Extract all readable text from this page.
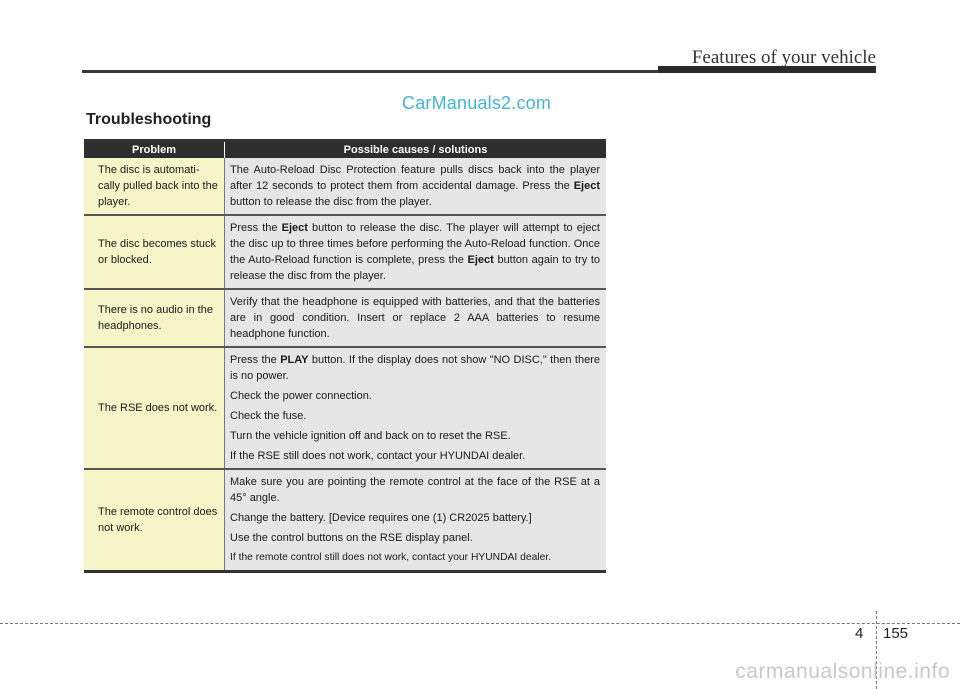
Features of your vehicle
CarManuals2.com
Troubleshooting
Problem	Possible causes / solutions
The disc is automati-cally pulled back into the player.	The Auto-Reload Disc Protection feature pulls discs back into the player after 12 seconds to protect them from accidental damage. Press the Eject button to release the disc from the player.

The disc becomes stuck or blocked.	Press the Eject button to release the disc. The player will attempt to eject the disc up to three times before performing the Auto-Reload function. Once the Auto-Reload function is complete, press the Eject button again to try to release the disc from the player.

There is no audio in the headphones.	Verify that the headphone is equipped with batteries, and that the batteries are in good condition. Insert or replace 2 AAA batteries to resume headphone function.

The RSE does not work.	Press the PLAY button. If the display does not show "NO DISC," then there is no power.

Check the power connection.

Check the fuse.

Turn the vehicle ignition off and back on to reset the RSE.

If the RSE still does not work, contact your HYUNDAI dealer.

The remote control does not work.	Make sure you are pointing the remote control at the face of the RSE at a 45° angle.

Change the battery. [Device requires one (1) CR2025 battery.]

Use the control buttons on the RSE display panel.

If the remote control still does not work, contact your HYUNDAI dealer.

4 155
carmanualsonline.info
